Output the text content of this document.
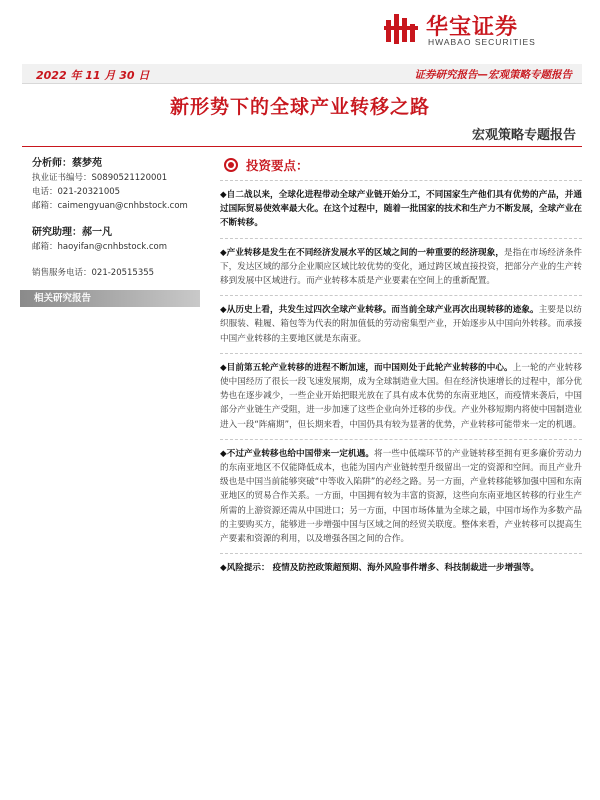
华宝证券
HWABAO SECURITIES
2022 年 11 月 30 日	证券研究报告—宏观策略专题报告
新形势下的全球产业转移之路
宏观策略专题报告
分析师：蔡梦苑
执业证书编号：S0890521120001
电话：021-20321005
邮箱：caimengyuan@cnhbstock.com
研究助理：郝一凡
邮箱：haoyifan@cnhbstock.com
销售服务电话：021-20515355
相关研究报告
投资要点：

◆自二战以来，全球化进程带动全球产业链开始分工，不同国家生产他们具有优势的产品，并通过国际贸易使效率最大化。在这个过程中，随着一批国家的技术和生产力不断发展，全球产业在不断转移。

◆产业转移是发生在不同经济发展水平的区域之间的一种重要的经济现象，是指在市场经济条件下，发达区域的部分企业顺应区域比较优势的变化，通过跨区域直接投资，把部分产业的生产转移到发展中区域进行。而产业转移本质是产业要素在空间上的重新配置。

◆从历史上看，共发生过四次全球产业转移。而当前全球产业再次出现转移的迹象。主要是以纺织服装、鞋履、箱包等为代表的附加值低的劳动密集型产业，开始逐步从中国向外转移。而承接中国产业转移的主要地区就是东南亚。

◆目前第五轮产业转移的进程不断加速，而中国则处于此轮产业转移的中心。上一轮的产业转移使中国经历了很长一段飞速发展期，成为全球制造业大国。但在经济快速增长的过程中，部分优势也在逐步减少，一些企业开始把眼光放在了具有成本优势的东南亚地区，而疫情来袭后，中国部分产业链生产受阻，进一步加速了这些企业向外迁移的步伐。产业外移短期内将使中国制造业进入一段“阵痛期”，但长期来看，中国仍具有较为显著的优势，产业转移可能带来一定的机遇。

◆不过产业转移也给中国带来一定机遇。将一些中低端环节的产业链转移至拥有更多廉价劳动力的东南亚地区不仅能降低成本，也能为国内产业链转型升级留出一定的资源和空间。而且产业升级也是中国当前能够突破“中等收入陷阱”的必经之路。另一方面，产业转移能够加强中国和东南亚地区的贸易合作关系。一方面，中国拥有较为丰富的资源，这些向东南亚地区转移的行业生产所需的上游资源还需从中国进口；另一方面，中国市场体量为全球之最，中国市场作为多数产品的主要购买方，能够进一步增强中国与区域之间的经贸关联度。整体来看，产业转移可以提高生产要素和资源的利用，以及增强各国之间的合作。

◆风险提示： 疫情及防控政策超预期、海外风险事件增多、科技制裁进一步增强等。
